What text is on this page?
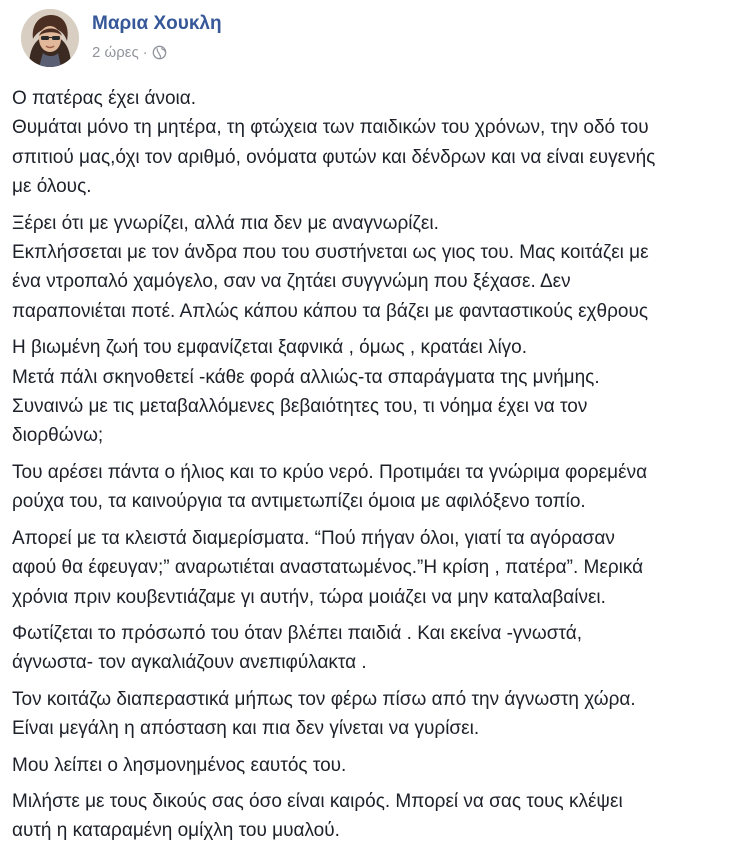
Μαρια Χουκλη
2 ώρες ·

Ο πατέρας έχει άνοια.
Θυμάται μόνο τη μητέρα, τη φτώχεια των παιδικών του χρόνων, την οδό του
σπιτιού μας,όχι τον αριθμό, ονόματα φυτών και δένδρων και να είναι ευγενής
με όλους.

Ξέρει ότι με γνωρίζει, αλλά πια δεν με αναγνωρίζει.
Εκπλήσσεται με τον άνδρα που του συστήνεται ως γιος του. Μας κοιτάζει με
ένα ντροπαλό χαμόγελο, σαν να ζητάει συγγνώμη που ξέχασε. Δεν
παραπονιέται ποτέ. Απλώς κάπου κάπου τα βάζει με φανταστικούς εχθρους

Η βιωμένη ζωή του εμφανίζεται ξαφνικά , όμως , κρατάει λίγο.
Μετά πάλι σκηνοθετεί -κάθε φορά αλλιώς-τα σπαράγματα της μνήμης.
Συναινώ με τις μεταβαλλόμενες βεβαιότητες του, τι νόημα έχει να τον
διορθώνω;

Του αρέσει πάντα ο ήλιος και το κρύο νερό. Προτιμάει τα γνώριμα φορεμένα
ρούχα του, τα καινούργια τα αντιμετωπίζει όμοια με αφιλόξενο τοπίο.

Απορεί με τα κλειστά διαμερίσματα. “Πού πήγαν όλοι, γιατί τα αγόρασαν
αφού θα έφευγαν;” αναρωτιέται αναστατωμένος.”Η κρίση , πατέρα”. Μερικά
χρόνια πριν κουβεντιάζαμε γι αυτήν, τώρα μοιάζει να μην καταλαβαίνει.

Φωτίζεται το πρόσωπό του όταν βλέπει παιδιά . Και εκείνα -γνωστά,
άγνωστα- τον αγκαλιάζουν ανεπιφύλακτα .

Τον κοιτάζω διαπεραστικά μήπως τον φέρω πίσω από την άγνωστη χώρα.
Είναι μεγάλη η απόσταση και πια δεν γίνεται να γυρίσει.

Μου λείπει ο λησμονημένος εαυτός του.

Μιλήστε με τους δικούς σας όσο είναι καιρός. Μπορεί να σας τους κλέψει
αυτή η καταραμένη ομίχλη του μυαλού.
